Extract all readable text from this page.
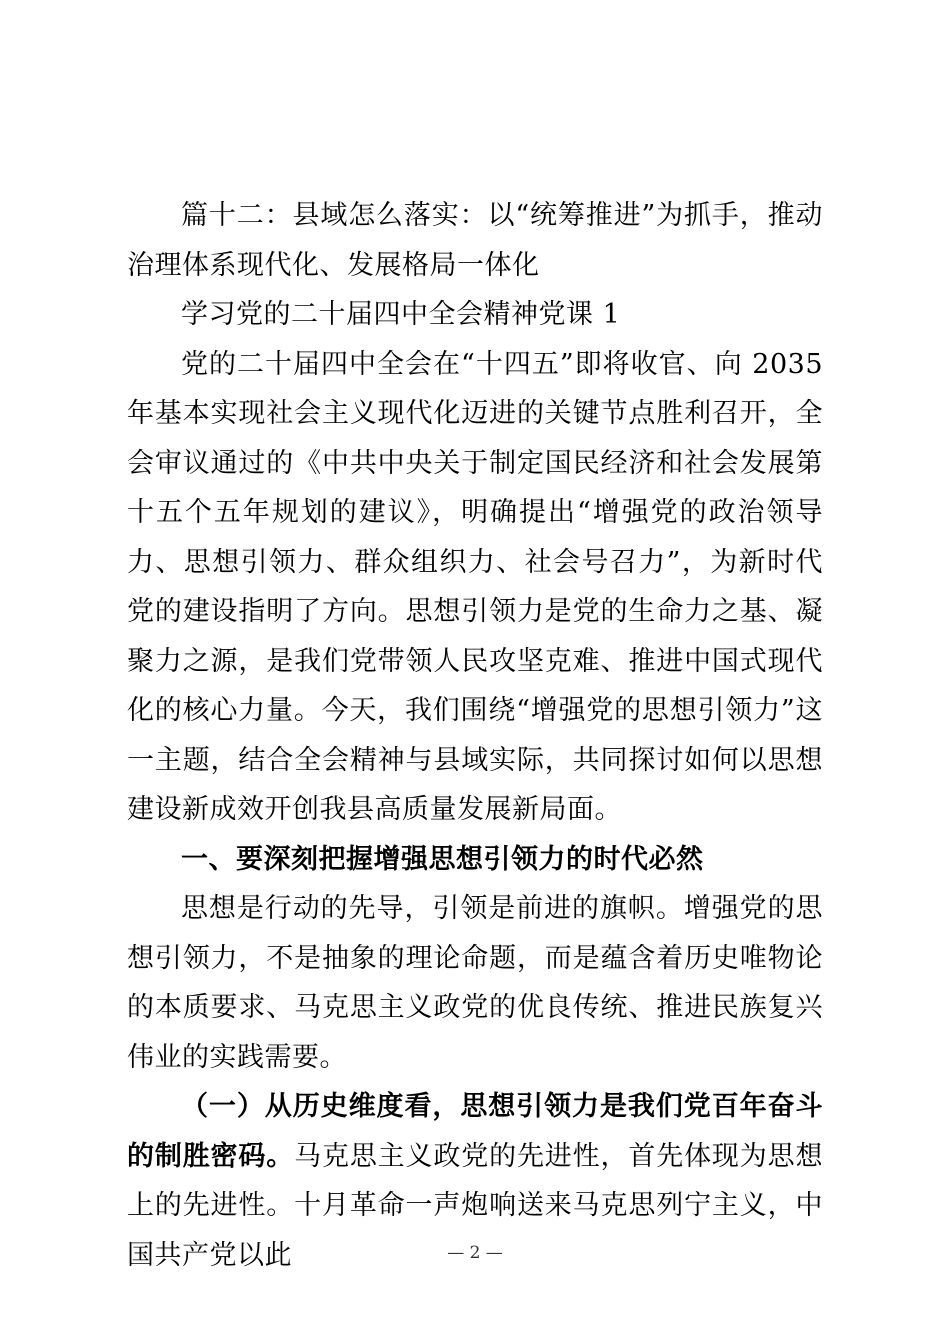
篇十二：县域怎么落实：以“统筹推进”为抓手，推动治理体系现代化、发展格局一体化

学习党的二十届四中全会精神党课 1

党的二十届四中全会在“十四五”即将收官、向 2035 年基本实现社会主义现代化迈进的关键节点胜利召开，全会审议通过的《中共中央关于制定国民经济和社会发展第十五个五年规划的建议》，明确提出“增强党的政治领导力、思想引领力、群众组织力、社会号召力”，为新时代党的建设指明了方向。思想引领力是党的生命力之基、凝聚力之源，是我们党带领人民攻坚克难、推进中国式现代化的核心力量。今天，我们围绕“增强党的思想引领力”这一主题，结合全会精神与县域实际，共同探讨如何以思想建设新成效开创我县高质量发展新局面。

一、要深刻把握增强思想引领力的时代必然

思想是行动的先导，引领是前进的旗帜。增强党的思想引领力，不是抽象的理论命题，而是蕴含着历史唯物论的本质要求、马克思主义政党的优良传统、推进民族复兴伟业的实践需要。

（一）从历史维度看，思想引领力是我们党百年奋斗的制胜密码。马克思主义政党的先进性，首先体现为思想上的先进性。十月革命一声炮响送来马克思列宁主义，中国共产党以此	— 2 —
